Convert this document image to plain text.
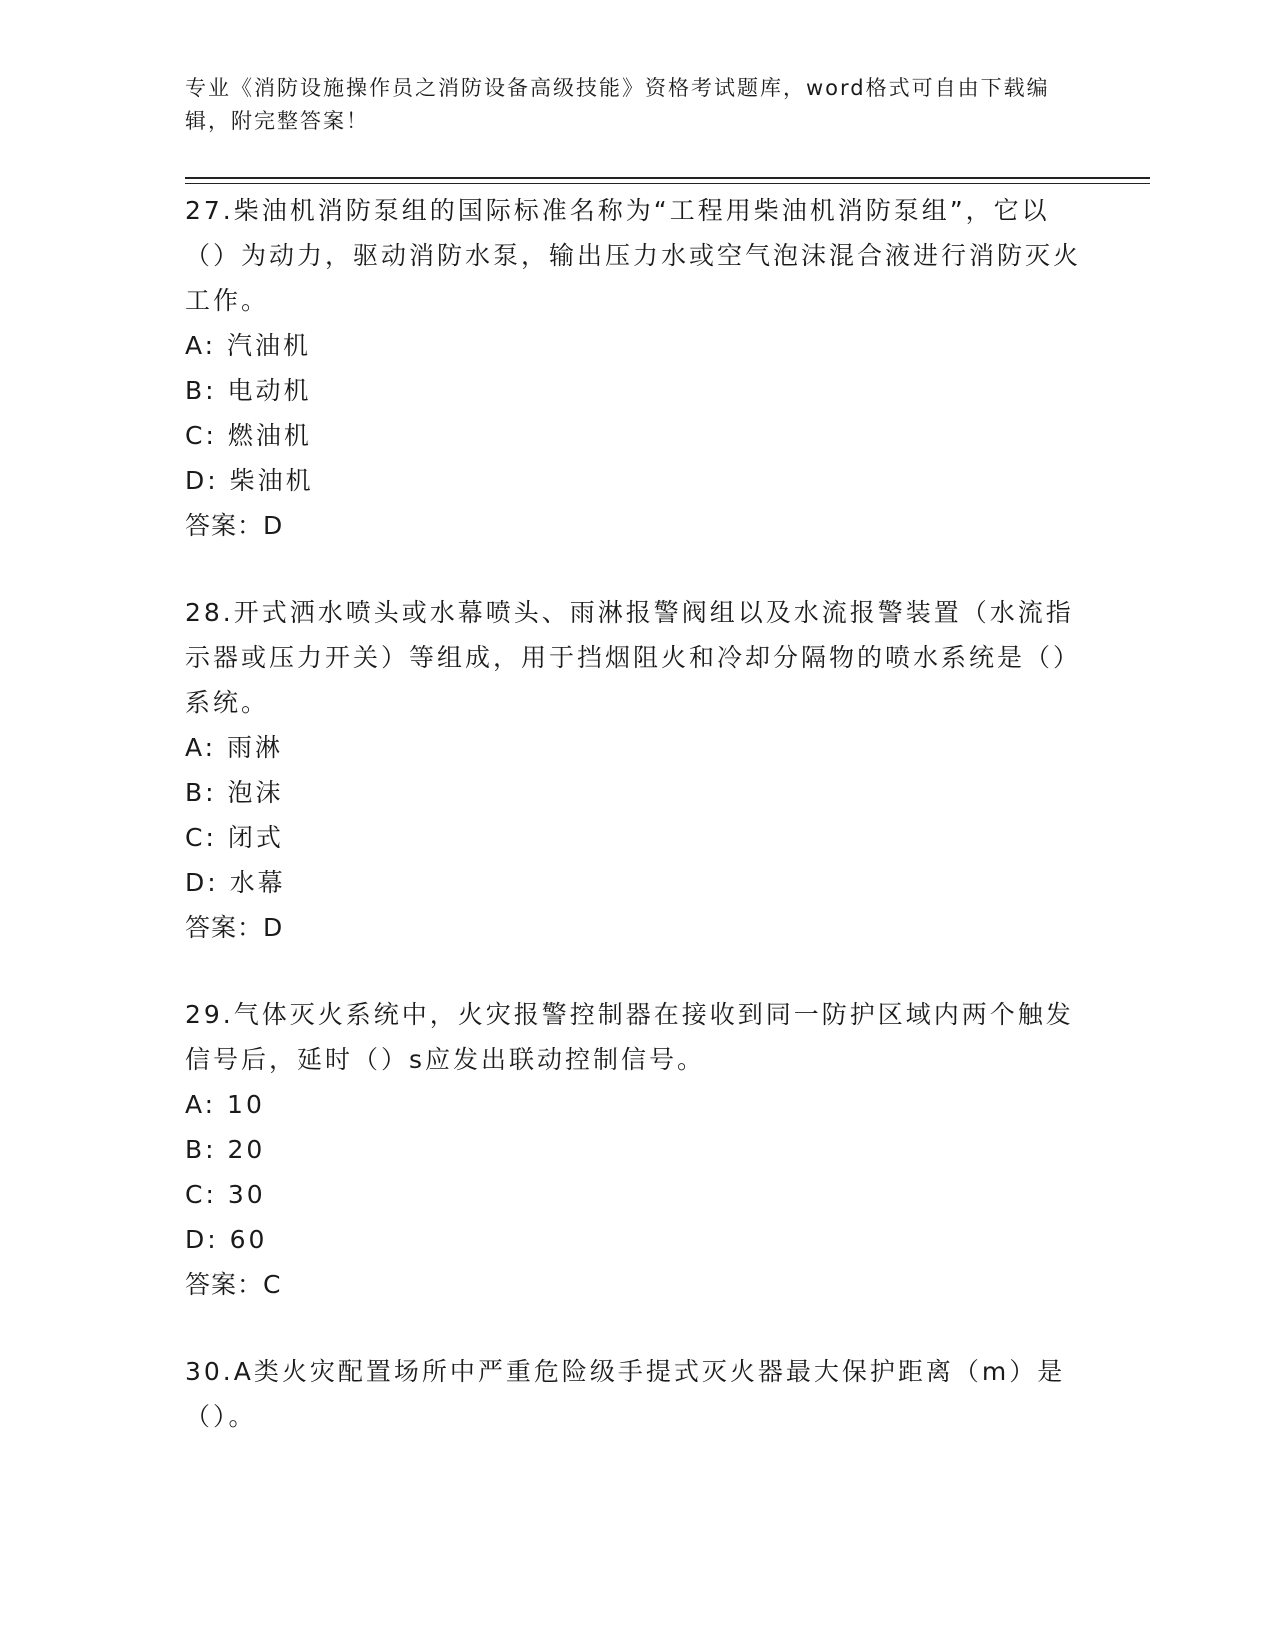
专业《消防设施操作员之消防设备高级技能》资格考试题库，word格式可自由下载编辑，附完整答案！
27.柴油机消防泵组的国际标准名称为“工程用柴油机消防泵组”，它以（）为动力，驱动消防水泵，输出压力水或空气泡沫混合液进行消防灭火工作。
A: 汽油机
B: 电动机
C: 燃油机
D: 柴油机
答案：D
28.开式洒水喷头或水幕喷头、雨淋报警阀组以及水流报警装置（水流指示器或压力开关）等组成，用于挡烟阻火和冷却分隔物的喷水系统是（）系统。
A: 雨淋
B: 泡沫
C: 闭式
D: 水幕
答案：D
29.气体灭火系统中，火灾报警控制器在接收到同一防护区域内两个触发信号后，延时（）s应发出联动控制信号。
A: 10
B: 20
C: 30
D: 60
答案：C
30.A类火灾配置场所中严重危险级手提式灭火器最大保护距离（m）是（）。
